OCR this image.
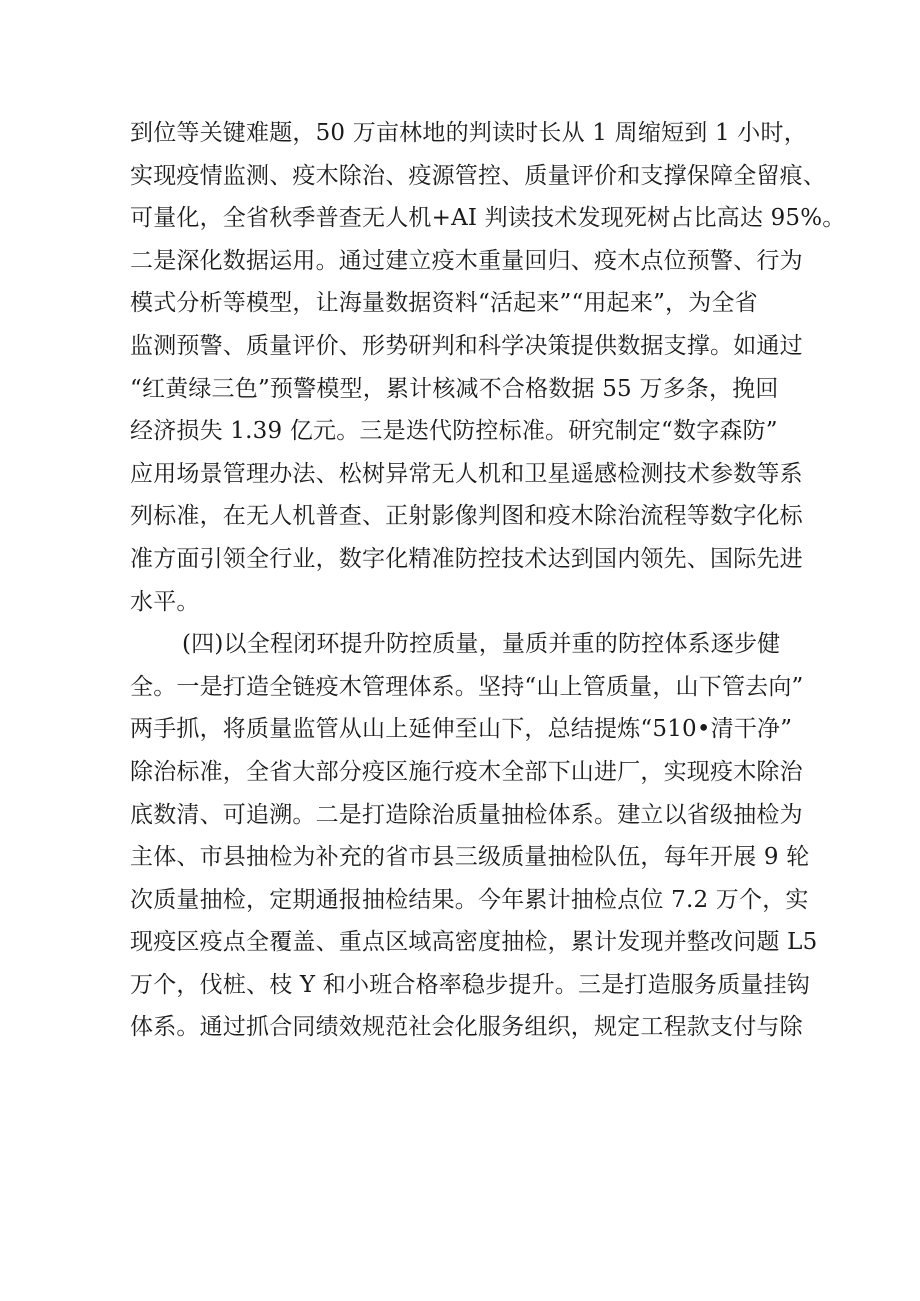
到位等关键难题，50 万亩林地的判读时长从 1 周缩短到 1 小时，
实现疫情监测、疫木除治、疫源管控、质量评价和支撑保障全留痕、
可量化，全省秋季普查无人机+AI 判读技术发现死树占比高达 95%。
二是深化数据运用。通过建立疫木重量回归、疫木点位预警、行为
模式分析等模型，让海量数据资料“活起来”“用起来”，为全省
监测预警、质量评价、形势研判和科学决策提供数据支撑。如通过
“红黄绿三色”预警模型，累计核减不合格数据 55 万多条，挽回
经济损失 1.39 亿元。三是迭代防控标准。研究制定“数字森防”
应用场景管理办法、松树异常无人机和卫星遥感检测技术参数等系
列标准，在无人机普查、正射影像判图和疫木除治流程等数字化标
准方面引领全行业，数字化精准防控技术达到国内领先、国际先进
水平。
(四)以全程闭环提升防控质量，量质并重的防控体系逐步健
全。一是打造全链疫木管理体系。坚持“山上管质量，山下管去向”
两手抓，将质量监管从山上延伸至山下，总结提炼“510•清干净”
除治标准，全省大部分疫区施行疫木全部下山进厂，实现疫木除治
底数清、可追溯。二是打造除治质量抽检体系。建立以省级抽检为
主体、市县抽检为补充的省市县三级质量抽检队伍，每年开展 9 轮
次质量抽检，定期通报抽检结果。今年累计抽检点位 7.2 万个，实
现疫区疫点全覆盖、重点区域高密度抽检，累计发现并整改问题 L5
万个，伐桩、枝 Y 和小班合格率稳步提升。三是打造服务质量挂钩
体系。通过抓合同绩效规范社会化服务组织，规定工程款支付与除
